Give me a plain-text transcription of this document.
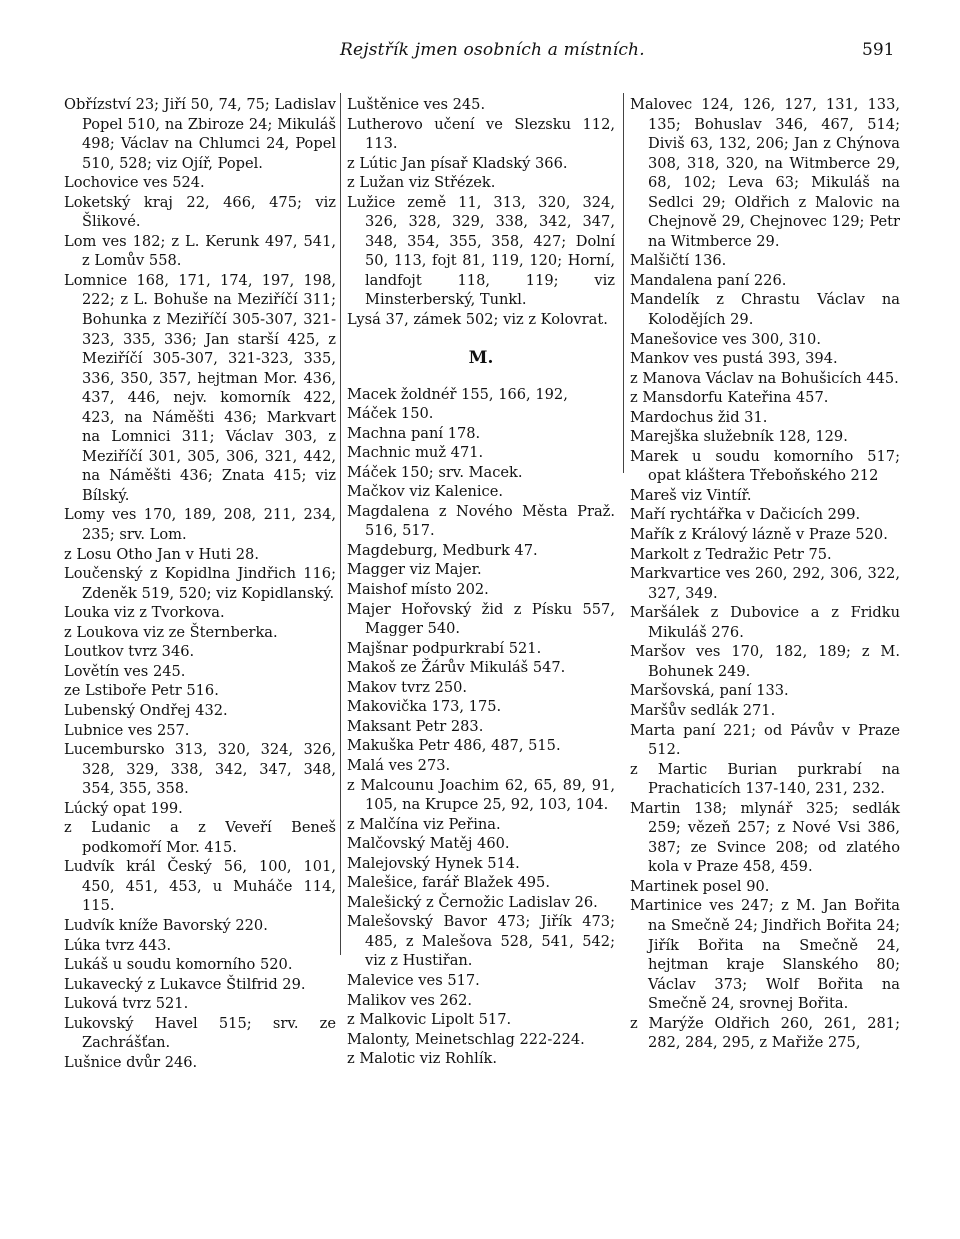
Rejstřík jmen osobních a místních.	591

Obřízství 23; Jiří 50, 74, 75; Ladislav Popel 510, na Zbiroze 24; Mikuláš 498; Václav na Chlumci 24, Popel 510, 528; viz Ojíř, Popel.

Lochovice ves 524.

Loketský kraj 22, 466, 475; viz Šlikové.

Lom ves 182; z L. Kerunk 497, 541, z Lomův 558.

Lomnice 168, 171, 174, 197, 198, 222; z L. Bohuše na Meziříčí 311; Bohunka z Meziříčí 305-307, 321-323, 335, 336; Jan starší 425, z Meziříčí 305-307, 321-323, 335, 336, 350, 357, hejtman Mor. 436, 437, 446, nejv. komorník 422, 423, na Náměšti 436; Markvart na Lomnici 311; Václav 303, z Meziříčí 301, 305, 306, 321, 442, na Náměšti 436; Znata 415; viz Bílský.

Lomy ves 170, 189, 208, 211, 234, 235; srv. Lom.

z Losu Otho Jan v Huti 28.

Loučenský z Kopidlna Jindřich 116; Zdeněk 519, 520; viz Kopidlanský.

Louka viz z Tvorkova.

z Loukova viz ze Šternberka.

Loutkov tvrz 346.

Lovětín ves 245.

ze Lstiboře Petr 516.

Lubenský Ondřej 432.

Lubnice ves 257.

Lucembursko 313, 320, 324, 326, 328, 329, 338, 342, 347, 348, 354, 355, 358.

Lúcký opat 199.

z Ludanic a z Veveří Beneš podkomoří Mor. 415.

Ludvík král Český 56, 100, 101, 450, 451, 453, u Muháče 114, 115.

Ludvík kníže Bavorský 220.

Lúka tvrz 443.

Lukáš u soudu komorního 520.

Lukavecký z Lukavce Štilfrid 29.

Luková tvrz 521.

Lukovský Havel 515; srv. ze Zachrášťan.

Lušnice dvůr 246.

Luštěnice ves 245.

Lutherovo učení ve Slezsku 112, 113.

z Lútic Jan písař Kladský 366.

z Lužan viz Střézek.

Lužice země 11, 313, 320, 324, 326, 328, 329, 338, 342, 347, 348, 354, 355, 358, 427; Dolní 50, 113, fojt 81, 119, 120; Horní, landfojt 118, 119; viz Minsterberský, Tunkl.

Lysá 37, zámek 502; viz z Kolovrat.

M.

Macek žoldnéř 155, 166, 192,

Máček 150.

Machna paní 178.

Machnic muž 471.

Máček 150; srv. Macek.

Mačkov viz Kalenice.

Magdalena z Nového Města Praž. 516, 517.

Magdeburg, Medburk 47.

Magger viz Majer.

Maishof místo 202.

Majer Hořovský žid z Písku 557, Magger 540.

Majšnar podpurkrabí 521.

Makoš ze Žárův Mikuláš 547.

Makov tvrz 250.

Makovička 173, 175.

Maksant Petr 283.

Makuška Petr 486, 487, 515.

Malá ves 273.

z Malcounu Joachim 62, 65, 89, 91, 105, na Krupce 25, 92, 103, 104.

z Malčína viz Peřina.

Malčovský Matěj 460.

Malejovský Hynek 514.

Malešice, farář Blažek 495.

Malešický z Černožic Ladislav 26.

Malešovský Bavor 473; Jiřík 473; 485, z Malešova 528, 541, 542; viz z Hustiřan.

Malevice ves 517.

Malikov ves 262.

z Malkovic Lipolt 517.

Malonty, Meinetschlag 222-224.

z Malotic viz Rohlík.

Malovec 124, 126, 127, 131, 133, 135; Bohuslav 346, 467, 514; Diviš 63, 132, 206; Jan z Chýnova 308, 318, 320, na Witmberce 29, 68, 102; Leva 63; Mikuláš na Sedlci 29; Oldřich z Malovic na Chejnově 29, Chejnovec 129; Petr na Witmberce 29.

Malšičtí 136.

Mandalena paní 226.

Mandelík z Chrastu Václav na Kolodějích 29.

Manešovice ves 300, 310.

Mankov ves pustá 393, 394.

z Manova Václav na Bohušicích 445.

z Mansdorfu Kateřina 457.

Mardochus žid 31.

Marejška služebník 128, 129.

Marek u soudu komorního 517; opat kláštera Třeboňského 212

Mareš viz Vintíř.

Maří rychtářka v Dačicích 299.

Mařík z Králový lázně v Praze 520.

Markolt z Tedražic Petr 75.

Markvartice ves 260, 292, 306, 322, 327, 349.

Maršálek z Dubovice a z Fridku Mikuláš 276.

Maršov ves 170, 182, 189; z M. Bohunek 249.

Maršovská, paní 133.

Maršův sedlák 271.

Marta paní 221; od Pávův v Praze 512.

z Martic Burian purkrabí na Prachaticích 137-140, 231, 232.

Martin 138; mlynář 325; sedlák 259; vězeň 257; z Nové Vsi 386, 387; ze Svince 208; od zlatého kola v Praze 458, 459.

Martinek posel 90.

Martinice ves 247; z M. Jan Bořita na Smečně 24; Jindřich Bořita 24; Jiřík Bořita na Smečně 24, hejtman kraje Slanského 80; Václav 373; Wolf Bořita na Smečně 24, srovnej Bořita.

z Marýže Oldřich 260, 261, 281; 282, 284, 295, z Mařiže 275,
